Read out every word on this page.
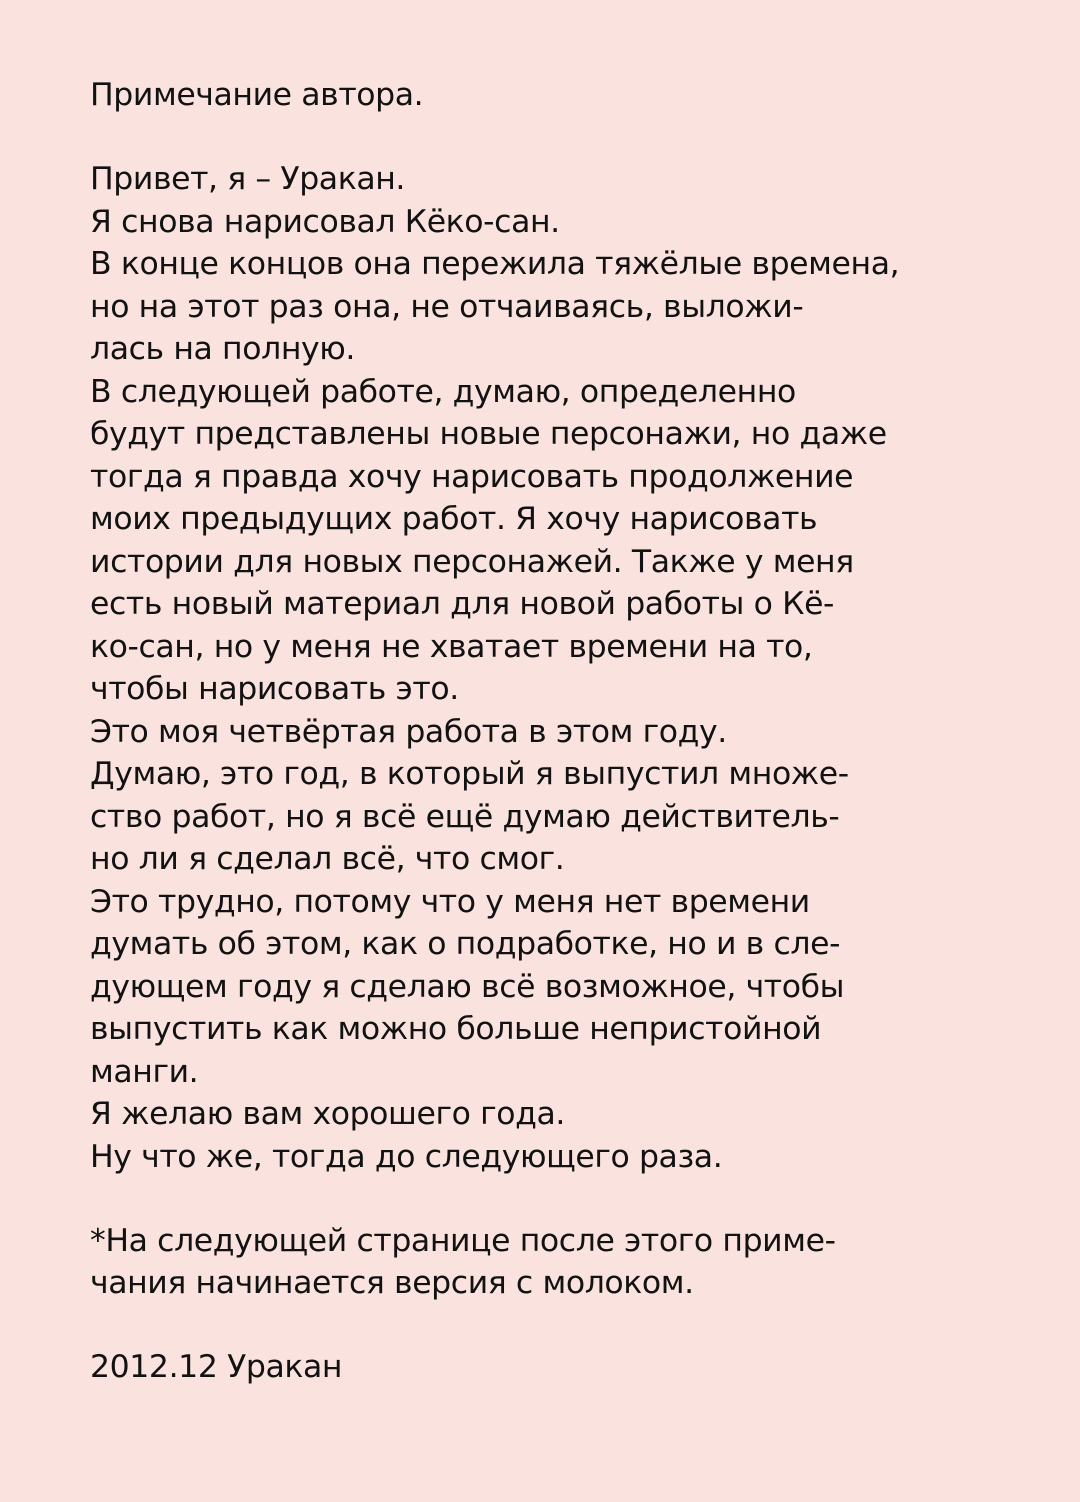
Примечание автора.
Привет, я – Уракан.
Я снова нарисовал Кёко-сан.
В конце концов она пережила тяжёлые времена,
но на этот раз она, не отчаиваясь, выложи-
лась на полную.
В следующей работе, думаю, определенно
будут представлены новые персонажи, но даже
тогда я правда хочу нарисовать продолжение
моих предыдущих работ. Я хочу нарисовать
истории для новых персонажей. Также у меня
есть новый материал для новой работы о Кё-
ко-сан, но у меня не хватает времени на то,
чтобы нарисовать это.
Это моя четвёртая работа в этом году.
Думаю, это год, в который я выпустил множе-
ство работ, но я всё ещё думаю действитель-
но ли я сделал всё, что смог.
Это трудно, потому что у меня нет времени
думать об этом, как о подработке, но и в сле-
дующем году я сделаю всё возможное, чтобы
выпустить как можно больше непристойной
манги.
Я желаю вам хорошего года.
Ну что же, тогда до следующего раза.
*На следующей странице после этого приме-
чания начинается версия с молоком.
2012.12 Уракан
